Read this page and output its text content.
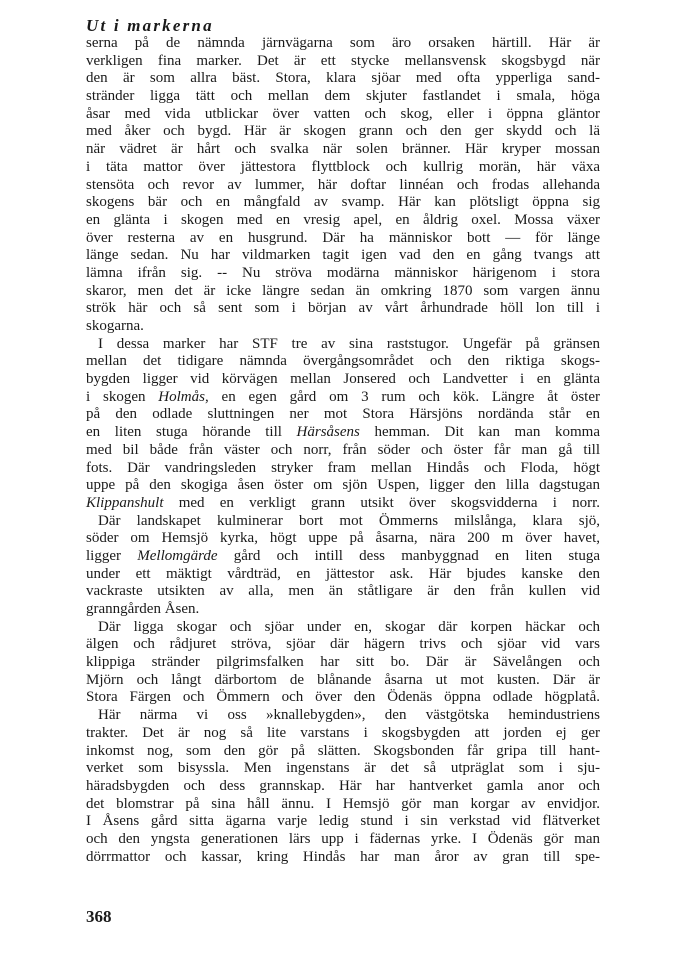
Ut i markerna
serna på de nämnda järnvägarna som äro orsaken härtill. Här är
verkligen fina marker. Det är ett stycke mellansvensk skogsbygd när
den är som allra bäst. Stora, klara sjöar med ofta ypperliga sand-
stränder ligga tätt och mellan dem skjuter fastlandet i smala, höga
åsar med vida utblickar över vatten och skog, eller i öppna gläntor
med åker och bygd. Här är skogen grann och den ger skydd och lä
när vädret är hårt och svalka när solen bränner. Här kryper mossan
i täta mattor över jättestora flyttblock och kullrig morän, här växa
stensöta och revor av lummer, här doftar linnéan och frodas allehanda
skogens bär och en mångfald av svamp. Här kan plötsligt öppna sig
en glänta i skogen med en vresig apel, en åldrig oxel. Mossa växer
över resterna av en husgrund. Där ha människor bott — för länge
länge sedan. Nu har vildmarken tagit igen vad den en gång tvangs att
lämna ifrån sig. -- Nu ströva modärna människor härigenom i stora
skaror, men det är icke längre sedan än omkring 1870 som vargen ännu
strök här och så sent som i början av vårt århundrade höll lon till i
skogarna.
I dessa marker har STF tre av sina raststugor. Ungefär på gränsen
mellan det tidigare nämnda övergångsområdet och den riktiga skogs-
bygden ligger vid körvägen mellan Jonsered och Landvetter i en glänta
i skogen Holmås, en egen gård om 3 rum och kök. Längre åt öster
på den odlade sluttningen ner mot Stora Härsjöns nordända står en
en liten stuga hörande till Härsåsens hemman. Dit kan man komma
med bil både från väster och norr, från söder och öster får man gå till
fots. Där vandringsleden stryker fram mellan Hindås och Floda, högt
uppe på den skogiga åsen öster om sjön Uspen, ligger den lilla dagstugan
Klippanshult med en verkligt grann utsikt över skogsvidderna i norr.
Där landskapet kulminerar bort mot Ömmerns milslånga, klara sjö,
söder om Hemsjö kyrka, högt uppe på åsarna, nära 200 m över havet,
ligger Mellomgärde gård och intill dess manbyggnad en liten stuga
under ett mäktigt vårdträd, en jättestor ask. Här bjudes kanske den
vackraste utsikten av alla, men än ståtligare är den från kullen vid
granngården Åsen.
Där ligga skogar och sjöar under en, skogar där korpen häckar och
älgen och rådjuret ströva, sjöar där hägern trivs och sjöar vid vars
klippiga stränder pilgrimsfalken har sitt bo. Där är Sävelången och
Mjörn och långt därbortom de blånande åsarna ut mot kusten. Där är
Stora Färgen och Ömmern och över den Ödenäs öppna odlade högplatå.
Här närma vi oss »knallebygden», den västgötska hemindustriens
trakter. Det är nog så lite varstans i skogsbygden att jorden ej ger
inkomst nog, som den gör på slätten. Skogsbonden får gripa till hant-
verket som bisyssla. Men ingenstans är det så utpräglat som i sju-
häradsbygden och dess grannskap. Här har hantverket gamla anor och
det blomstrar på sina håll ännu. I Hemsjö gör man korgar av envidjor.
I Åsens gård sitta ägarna varje ledig stund i sin verkstad vid flätverket
och den yngsta generationen lärs upp i fädernas yrke. I Ödenäs gör man
dörrmattor och kassar, kring Hindås har man åror av gran till spe-
368
